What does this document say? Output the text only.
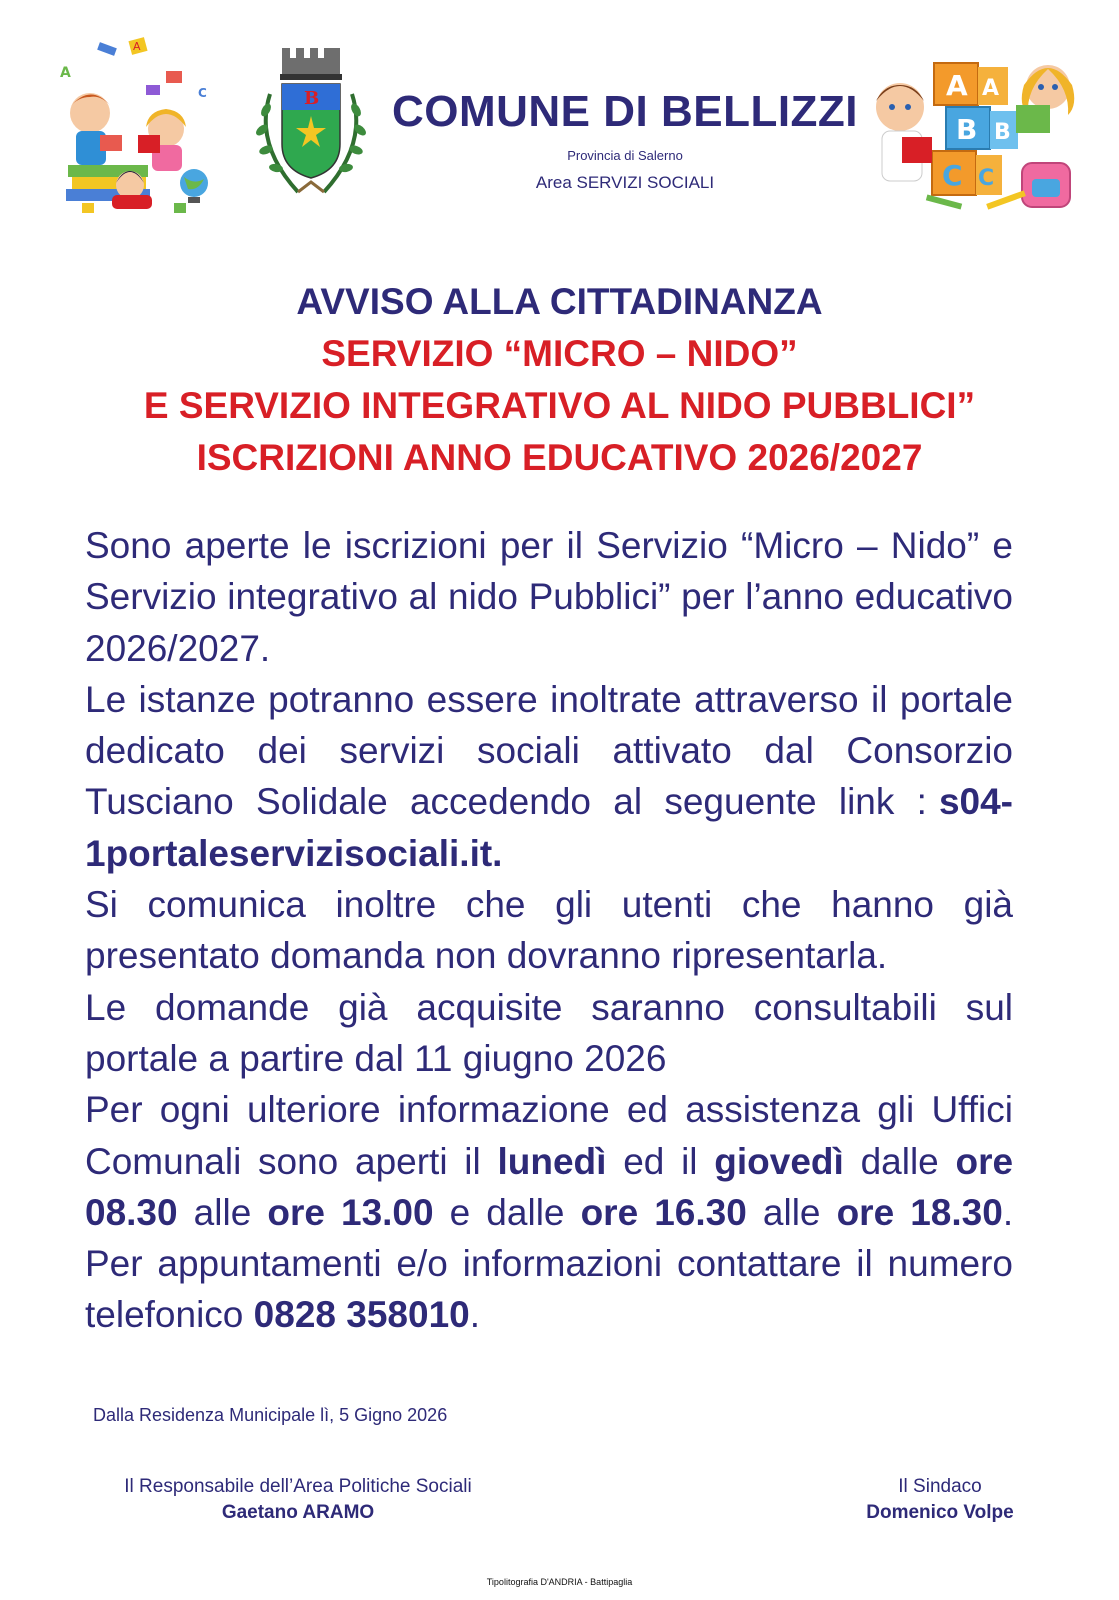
A
A
C	B COMUNE DI BELLIZZI
Provincia di Salerno
Area SERVIZI SOCIALI
A A
B B
C C
AVVISO ALLA CITTADINANZA
SERVIZIO “MICRO – NIDO”
E SERVIZIO INTEGRATIVO AL NIDO PUBBLICI”
ISCRIZIONI ANNO EDUCATIVO 2026/2027
Sono aperte le iscrizioni per il Servizio “Micro – Nido” e Servizio integrativo al nido Pubblici” per l’anno educativo 2026/2027.
Le istanze potranno essere inoltrate attraverso il portale dedicato dei servizi sociali attivato dal Consorzio Tusciano Solidale accedendo al seguente link : s04-1portaleservizisociali.it.
Si comunica inoltre che gli utenti che hanno già presentato domanda non dovranno ripresentarla.
Le domande già acquisite saranno consultabili sul portale a partire dal 11 giugno 2026
Per ogni ulteriore informazione ed assistenza gli Uffici Comunali sono aperti il lunedì ed il giovedì dalle ore 08.30 alle ore 13.00 e dalle ore 16.30 alle ore 18.30. Per appuntamenti e/o informazioni contattare il numero telefonico 0828 358010.
Dalla Residenza Municipale lì, 5 Gigno 2026
Il Responsabile dell’Area Politiche Sociali
Gaetano ARAMO
Il Sindaco
Domenico Volpe
Tipolitografia D'ANDRIA - Battipaglia
